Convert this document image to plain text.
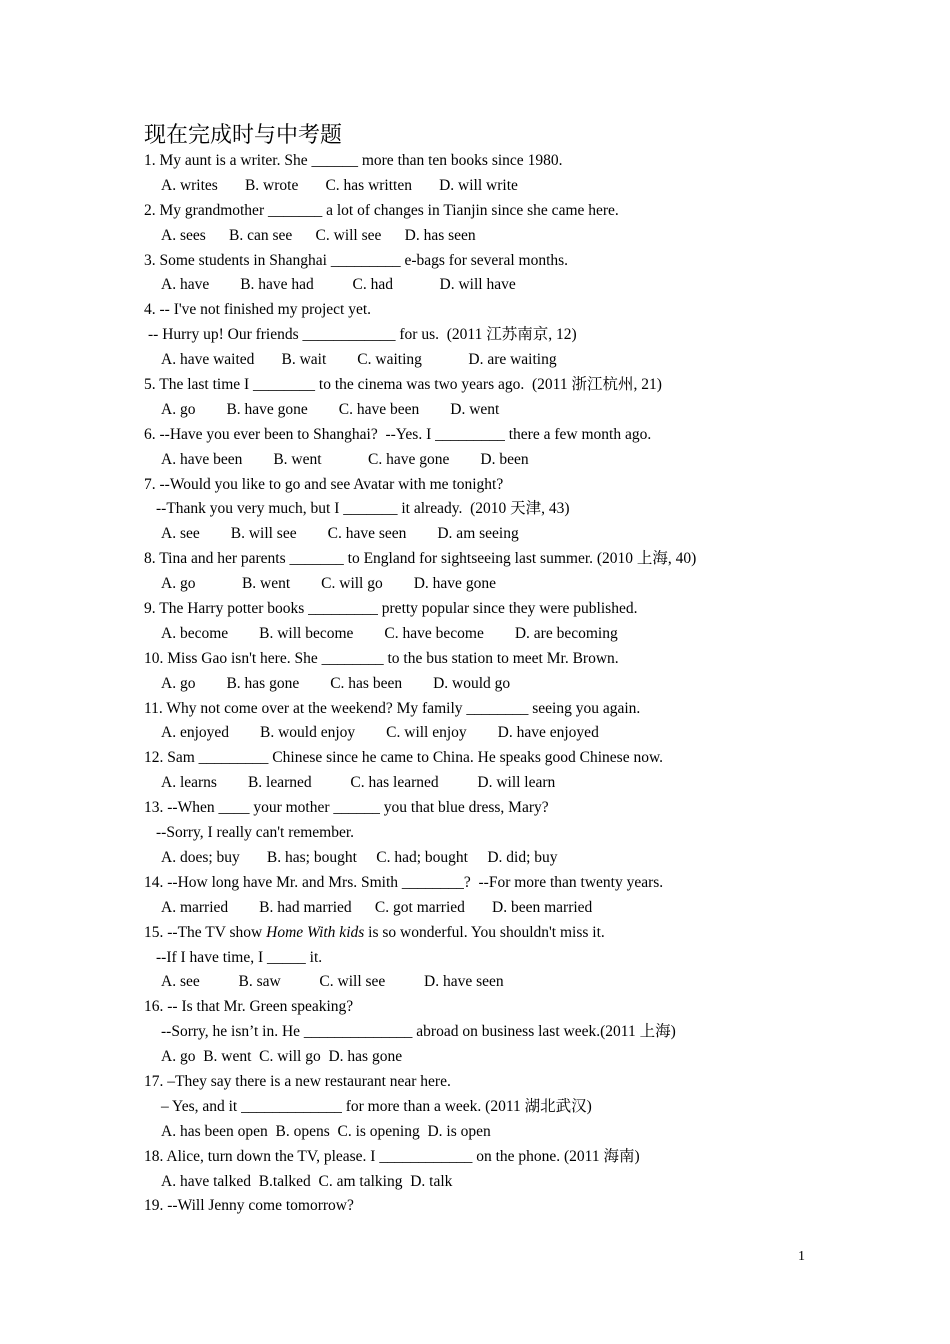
现在完成时与中考题
1. My aunt is a writer. She ______ more than ten books since 1980.
A. writes       B. wrote       C. has written       D. will write
2. My grandmother _______ a lot of changes in Tianjin since she came here.
A. sees      B. can see      C. will see      D. has seen
3. Some students in Shanghai _________ e-bags for several months.
A. have        B. have had          C. had            D. will have
4. -- I've not finished my project yet.
-- Hurry up! Our friends ____________ for us.  (2011 江苏南京, 12)
A. have waited       B. wait        C. waiting            D. are waiting
5. The last time I ________ to the cinema was two years ago.  (2011 浙江杭州, 21)
A. go        B. have gone        C. have been        D. went
6. --Have you ever been to Shanghai?  --Yes. I _________ there a few month ago.
A. have been        B. went            C. have gone        D. been
7. --Would you like to go and see Avatar with me tonight?
--Thank you very much, but I _______ it already.  (2010 天津, 43)
A. see        B. will see        C. have seen        D. am seeing
8. Tina and her parents _______ to England for sightseeing last summer. (2010 上海, 40)
A. go            B. went        C. will go        D. have gone
9. The Harry potter books _________ pretty popular since they were published.
A. become        B. will become        C. have become        D. are becoming
10. Miss Gao isn't here. She ________ to the bus station to meet Mr. Brown.
A. go        B. has gone        C. has been        D. would go
11. Why not come over at the weekend? My family ________ seeing you again.
A. enjoyed        B. would enjoy        C. will enjoy        D. have enjoyed
12. Sam _________ Chinese since he came to China. He speaks good Chinese now.
A. learns        B. learned          C. has learned          D. will learn
13. --When ____ your mother ______ you that blue dress, Mary?
--Sorry, I really can't remember.
A. does; buy       B. has; bought     C. had; bought     D. did; buy
14. --How long have Mr. and Mrs. Smith ________?  --For more than twenty years.
A. married        B. had married      C. got married       D. been married
15. --The TV show Home With kids is so wonderful. You shouldn't miss it.
--If I have time, I _____ it.
A. see          B. saw          C. will see          D. have seen
16. -- Is that Mr. Green speaking?
--Sorry, he isn’t in. He ______________ abroad on business last week.(2011 上海)
A. go  B. went  C. will go  D. has gone
17. –They say there is a new restaurant near here.
– Yes, and it _____________ for more than a week. (2011 湖北武汉)
A. has been open  B. opens  C. is opening  D. is open
18. Alice, turn down the TV, please. I ____________ on the phone. (2011 海南)
A. have talked  B.talked  C. am talking  D. talk
19. --Will Jenny come tomorrow?
1
